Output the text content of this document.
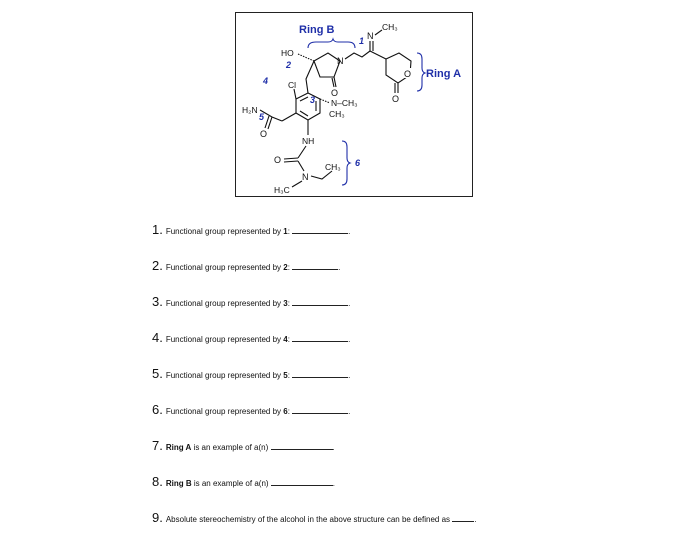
Ring B
O
N
HO
2
N
CH₃
1
O
O
Ring A
3 N–CH₃
CH₃
Cl
4
H₂N
5
O
NH
O
N
CH₃
H₃C
6
1. Functional group represented by 1:	.
2. Functional group represented by 2:	.
3. Functional group represented by 3:	.
4. Functional group represented by 4:	.
5. Functional group represented by 5:	.
6. Functional group represented by 6:	.
7. Ring A is an example of a(n)	.
8. Ring B is an example of a(n)	.
9. Absolute stereochemistry of the alcohol in the above structure can be defined as	.
